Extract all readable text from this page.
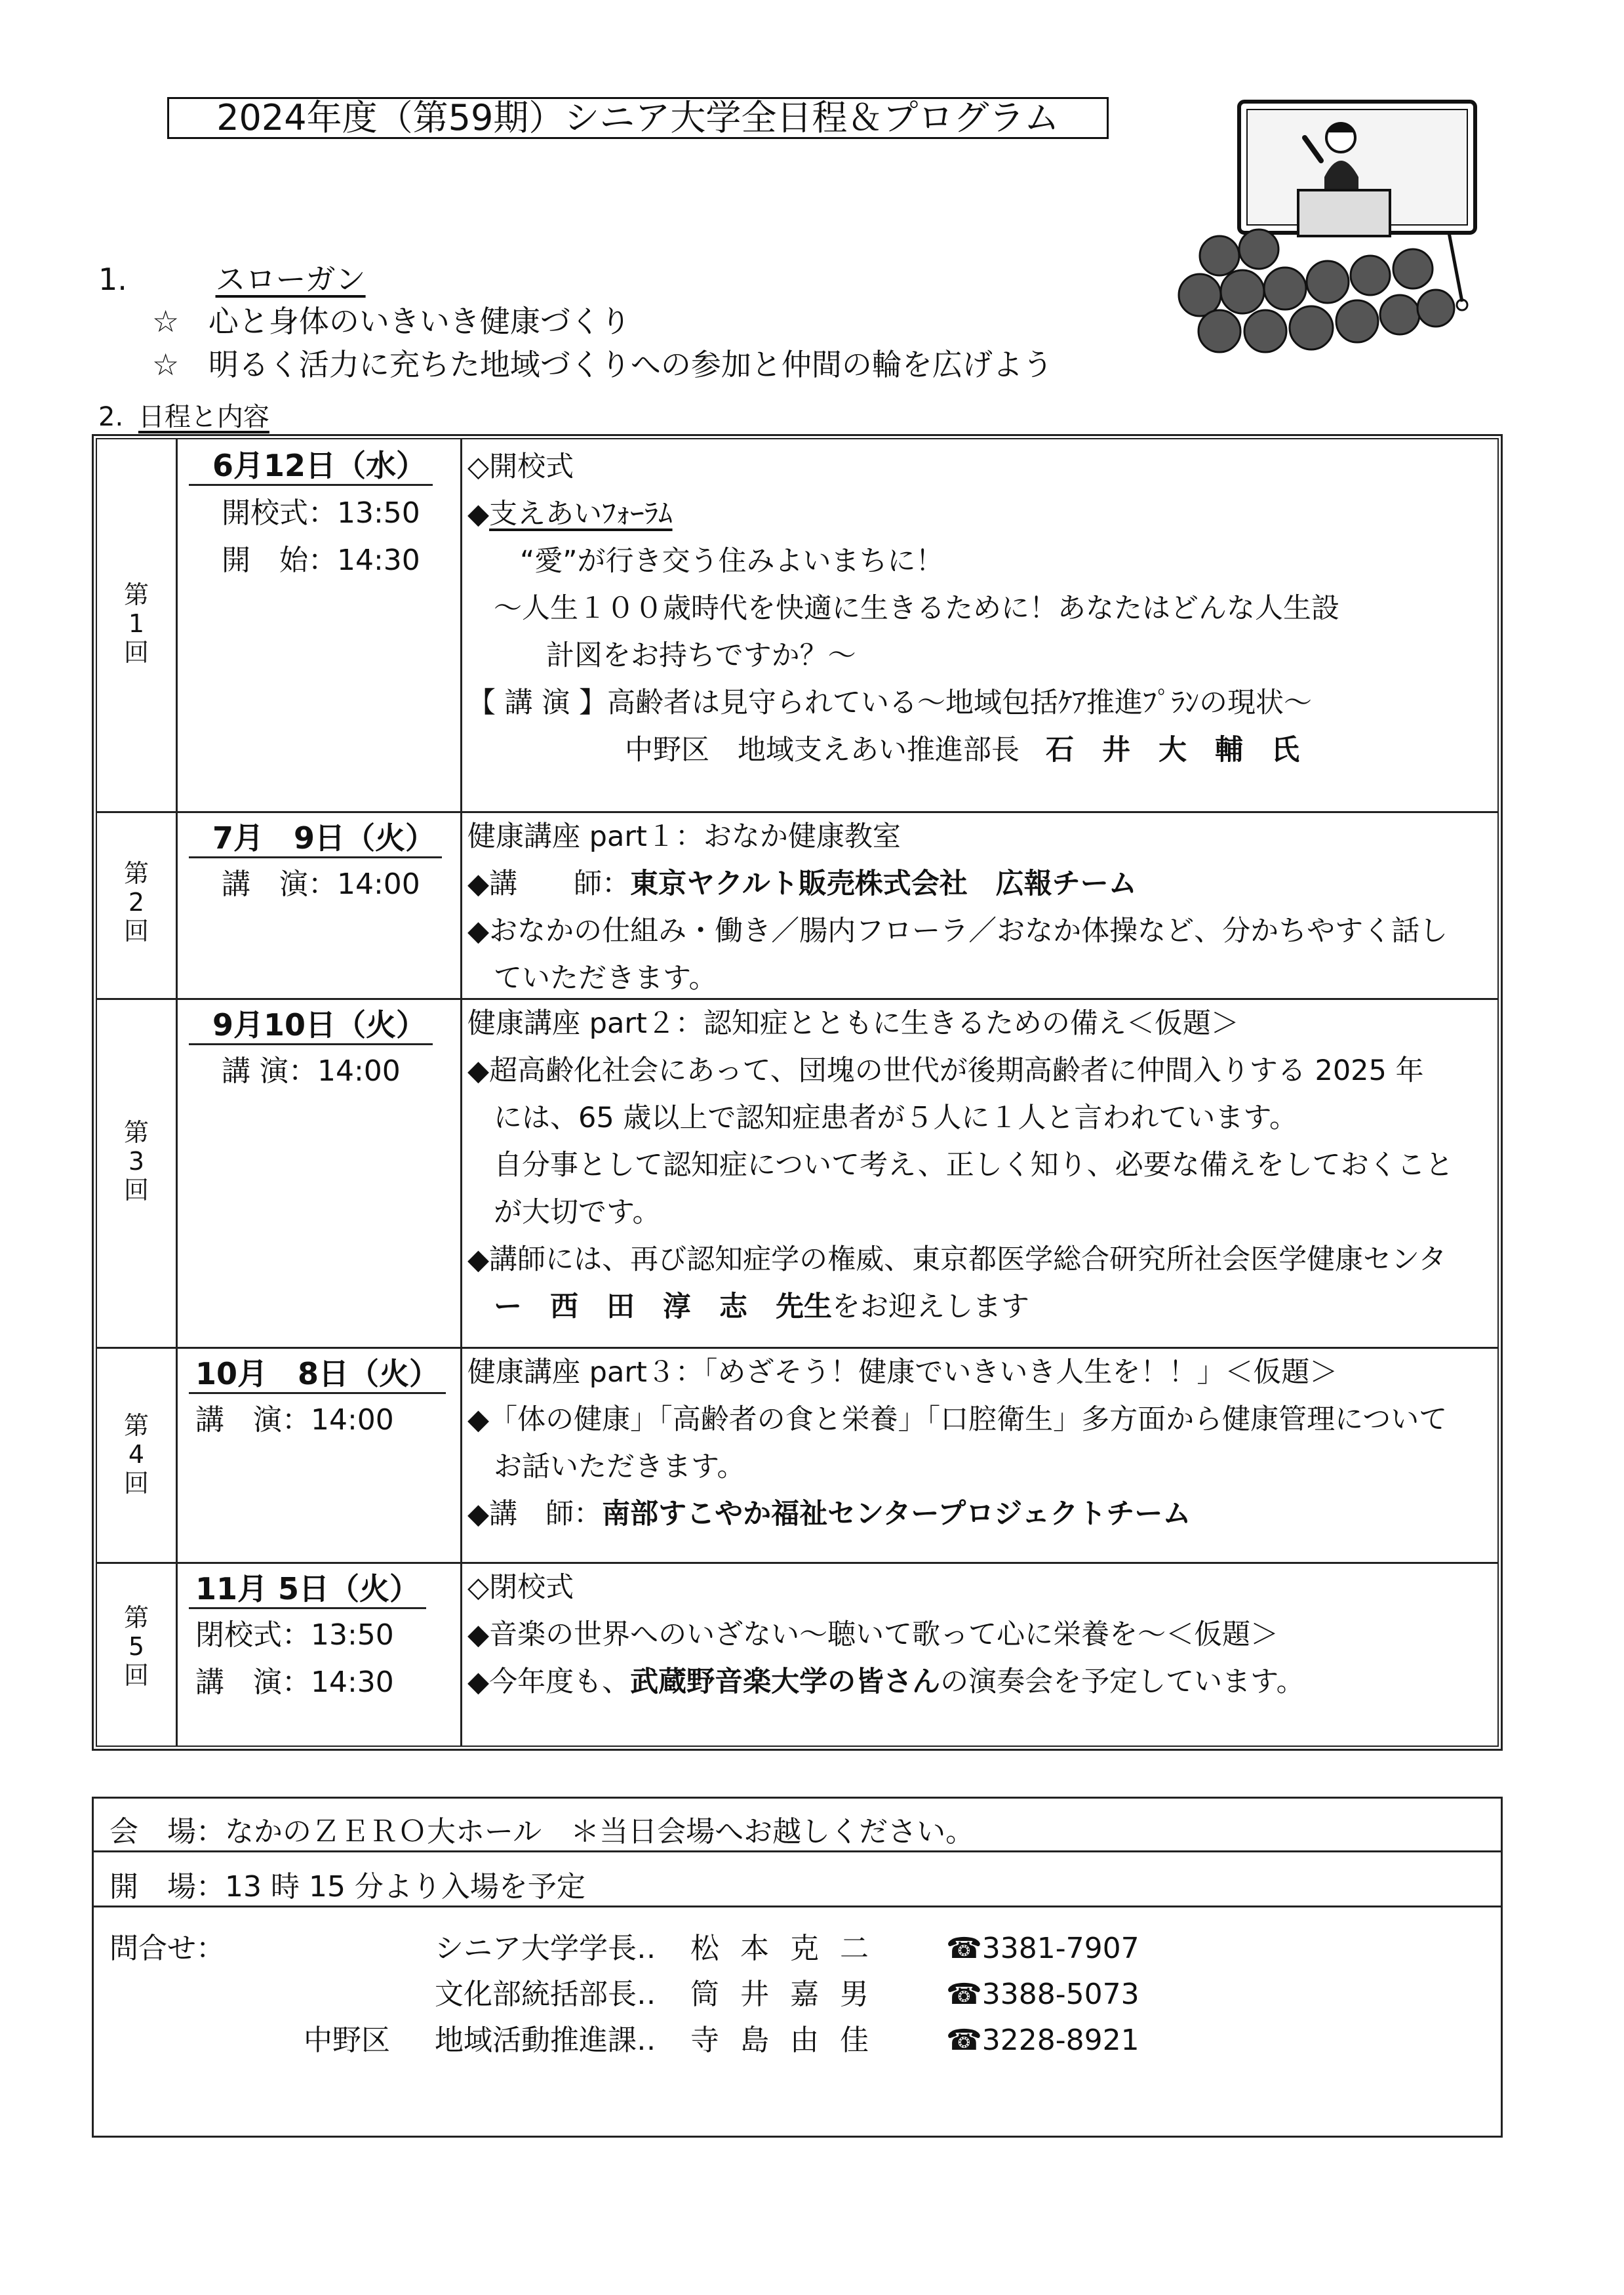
2024年度（第59期）シニア大学全日程＆プログラム
1.	スローガン
☆ 心と身体のいきいき健康づくり
☆ 明るく活力に充ちた地域づくりへの参加と仲間の輪を広げよう
2. 日程と内容
第
1
回
6月12日（水）
開校式：13:50
開　始：14:30

◇開校式

◆支えあいﾌｫｰﾗﾑ

“愛”が行き交う住みよいまちに！

～人生１００歳時代を快適に生きるために！あなたはどんな人生設

計図をお持ちですか？～

【 講 演 】高齢者は見守られている～地域包括ｹｱ推進ﾌﾟﾗﾝの現状～

中野区　地域支えあい推進部長 石　井　大　輔　氏

第
2
回
7月　9日（火）
講　演：14:00

健康講座 part１：おなか健康教室

◆講　　師：東京ヤクルト販売株式会社　広報チーム

◆おなかの仕組み・働き／腸内フローラ／おなか体操など、分かちやすく話し

ていただきます。

第
3
回
9月10日（火）
講 演：14:00

健康講座 part２：認知症とともに生きるための備え＜仮題＞

◆超高齢化社会にあって、団塊の世代が後期高齢者に仲間入りする 2025 年

には、65 歳以上で認知症患者が５人に１人と言われています。

自分事として認知症について考え、正しく知り、必要な備えをしておくこと

が大切です。

◆講師には、再び認知症学の権威、東京都医学総合研究所社会医学健康センタ

ー　西　田　淳　志　先生をお迎えします

第
4
回
10月　8日（火）
講　演：14:00

健康講座 part３：「めざそう！健康でいきいき人生を！！」＜仮題＞

◆「体の健康」「高齢者の食と栄養」「口腔衛生」多方面から健康管理について

お話いただきます。

◆講　師：南部すこやか福祉センタープロジェクトチーム

第
5
回
11月 5日（火）
閉校式：13:50
講　演：14:30

◇閉校式

◆音楽の世界へのいざない～聴いて歌って心に栄養を～＜仮題＞

◆今年度も、武蔵野音楽大学の皆さんの演奏会を予定しています。

会　場：なかのＺＥＲＯ大ホール　＊当日会場へお越しください。

開　場：13 時 15 分より入場を予定

問合せ：	シニア大学学長‥ 松本克二 ☎3381-7907
文化部統括部長‥ 筒井嘉男 ☎3388-5073
中野区 地域活動推進課‥ 寺島由佳 ☎3228-8921
